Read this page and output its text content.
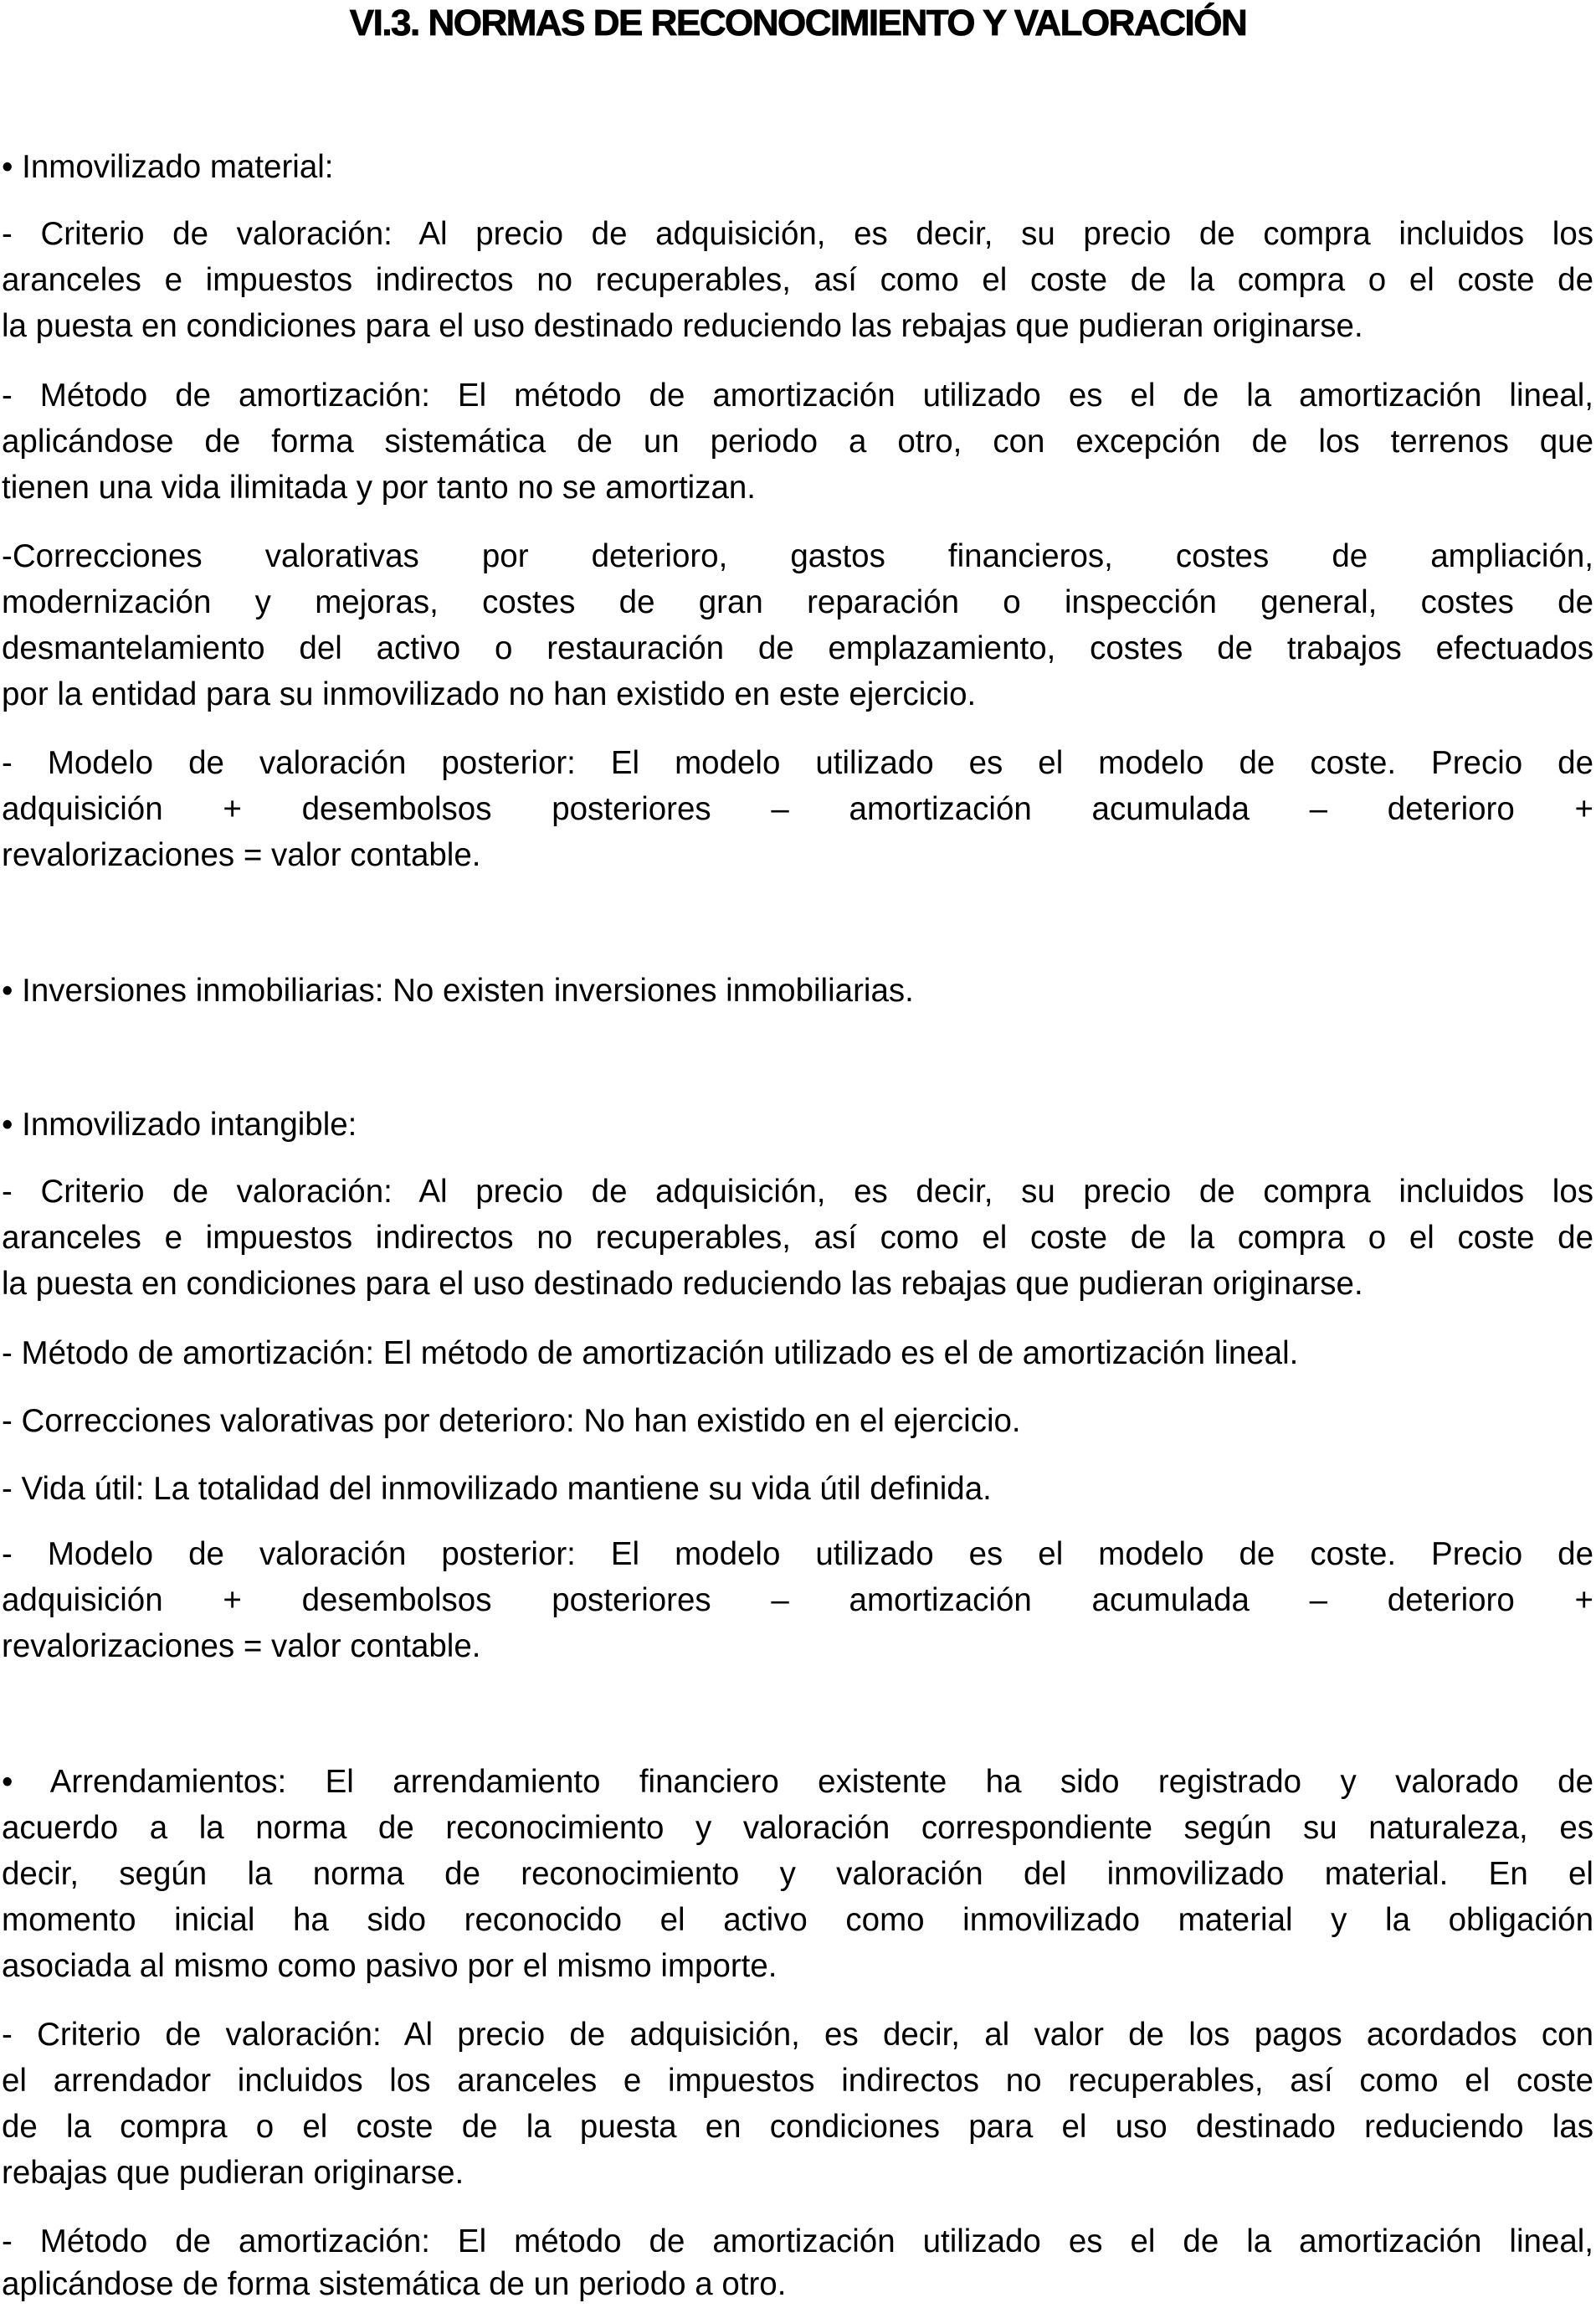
VI.3. NORMAS DE RECONOCIMIENTO Y VALORACIÓN
• Inmovilizado material:
- Criterio de valoración: Al precio de adquisición, es decir, su precio de compra incluidos los
aranceles e impuestos indirectos no recuperables, así como el coste de la compra o el coste de
la puesta en condiciones para el uso destinado reduciendo las rebajas que pudieran originarse.
- Método de amortización: El método de amortización utilizado es el de la amortización lineal,
aplicándose de forma sistemática de un periodo a otro, con excepción de los terrenos que
tienen una vida ilimitada y por tanto no se amortizan.
-Correcciones valorativas por deterioro, gastos financieros, costes de ampliación,
modernización y mejoras, costes de gran reparación o inspección general, costes de
desmantelamiento del activo o restauración de emplazamiento, costes de trabajos efectuados
por la entidad para su inmovilizado no han existido en este ejercicio.
- Modelo de valoración posterior: El modelo utilizado es el modelo de coste. Precio de
adquisición + desembolsos posteriores – amortización acumulada – deterioro +
revalorizaciones = valor contable.
• Inversiones inmobiliarias: No existen inversiones inmobiliarias.
• Inmovilizado intangible:
- Criterio de valoración: Al precio de adquisición, es decir, su precio de compra incluidos los
aranceles e impuestos indirectos no recuperables, así como el coste de la compra o el coste de
la puesta en condiciones para el uso destinado reduciendo las rebajas que pudieran originarse.
- Método de amortización: El método de amortización utilizado es el de amortización lineal.
- Correcciones valorativas por deterioro: No han existido en el ejercicio.
- Vida útil: La totalidad del inmovilizado mantiene su vida útil definida.
- Modelo de valoración posterior: El modelo utilizado es el modelo de coste. Precio de
adquisición + desembolsos posteriores – amortización acumulada – deterioro +
revalorizaciones = valor contable.
• Arrendamientos: El arrendamiento financiero existente ha sido registrado y valorado de
acuerdo a la norma de reconocimiento y valoración correspondiente según su naturaleza, es
decir, según la norma de reconocimiento y valoración del inmovilizado material. En el
momento inicial ha sido reconocido el activo como inmovilizado material y la obligación
asociada al mismo como pasivo por el mismo importe.
- Criterio de valoración: Al precio de adquisición, es decir, al valor de los pagos acordados con
el arrendador incluidos los aranceles e impuestos indirectos no recuperables, así como el coste
de la compra o el coste de la puesta en condiciones para el uso destinado reduciendo las
rebajas que pudieran originarse.
- Método de amortización: El método de amortización utilizado es el de la amortización lineal,
aplicándose de forma sistemática de un periodo a otro.
